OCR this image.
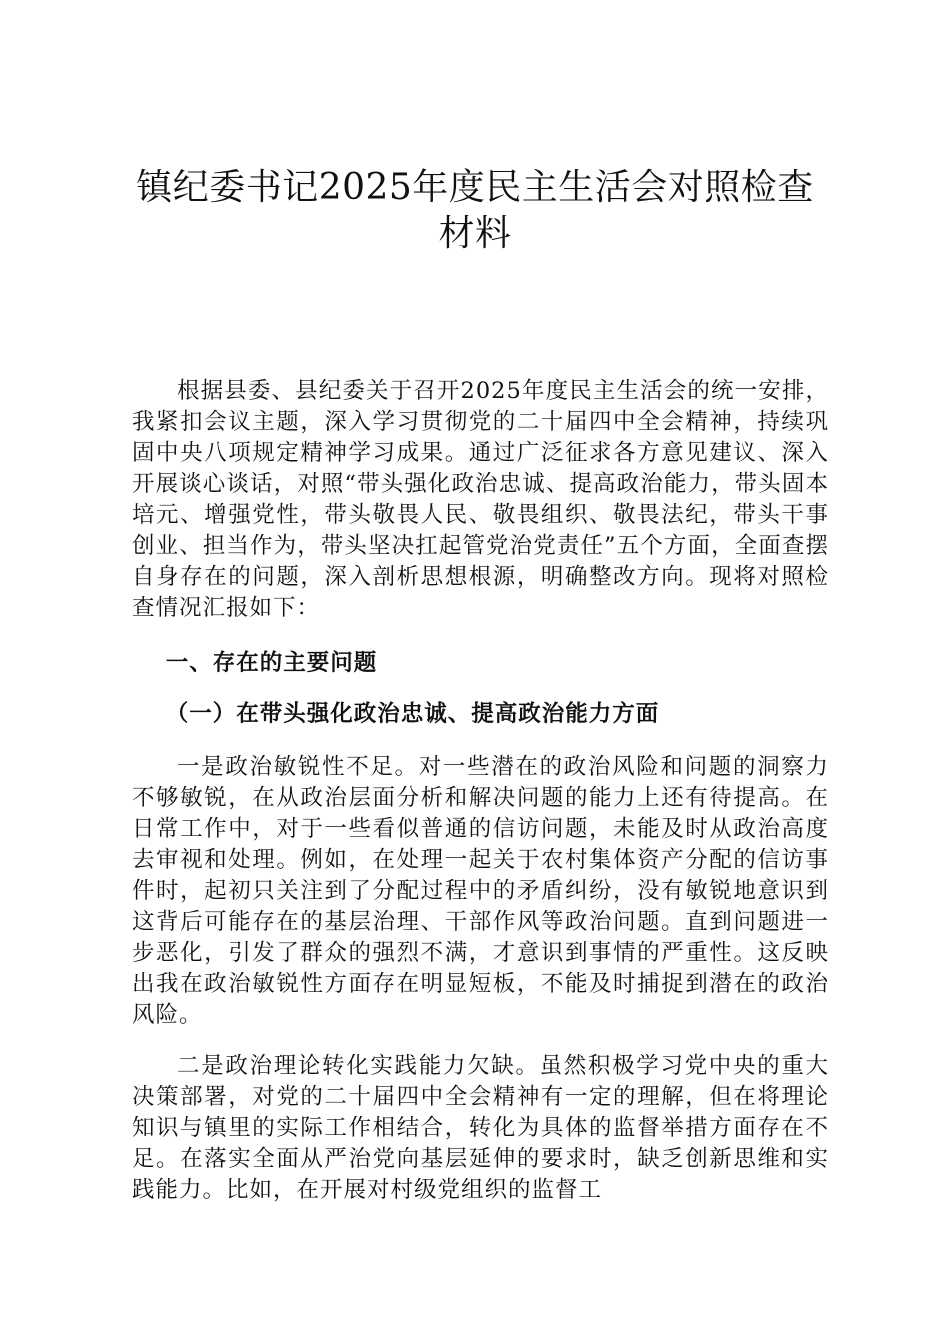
镇纪委书记2025年度民主生活会对照检查材料

根据县委、县纪委关于召开2025年度民主生活会的统一安排，我紧扣会议主题，深入学习贯彻党的二十届四中全会精神，持续巩固中央八项规定精神学习成果。通过广泛征求各方意见建议、深入开展谈心谈话，对照“带头强化政治忠诚、提高政治能力，带头固本培元、增强党性，带头敬畏人民、敬畏组织、敬畏法纪，带头干事创业、担当作为，带头坚决扛起管党治党责任”五个方面，全面查摆自身存在的问题，深入剖析思想根源，明确整改方向。现将对照检查情况汇报如下：

一、存在的主要问题
（一）在带头强化政治忠诚、提高政治能力方面

一是政治敏锐性不足。对一些潜在的政治风险和问题的洞察力不够敏锐，在从政治层面分析和解决问题的能力上还有待提高。在日常工作中，对于一些看似普通的信访问题，未能及时从政治高度去审视和处理。例如，在处理一起关于农村集体资产分配的信访事件时，起初只关注到了分配过程中的矛盾纠纷，没有敏锐地意识到这背后可能存在的基层治理、干部作风等政治问题。直到问题进一步恶化，引发了群众的强烈不满，才意识到事情的严重性。这反映出我在政治敏锐性方面存在明显短板，不能及时捕捉到潜在的政治风险。

二是政治理论转化实践能力欠缺。虽然积极学习党中央的重大决策部署，对党的二十届四中全会精神有一定的理解，但在将理论知识与镇里的实际工作相结合，转化为具体的监督举措方面存在不足。在落实全面从严治党向基层延伸的要求时，缺乏创新思维和实践能力。比如，在开展对村级党组织的监督工
